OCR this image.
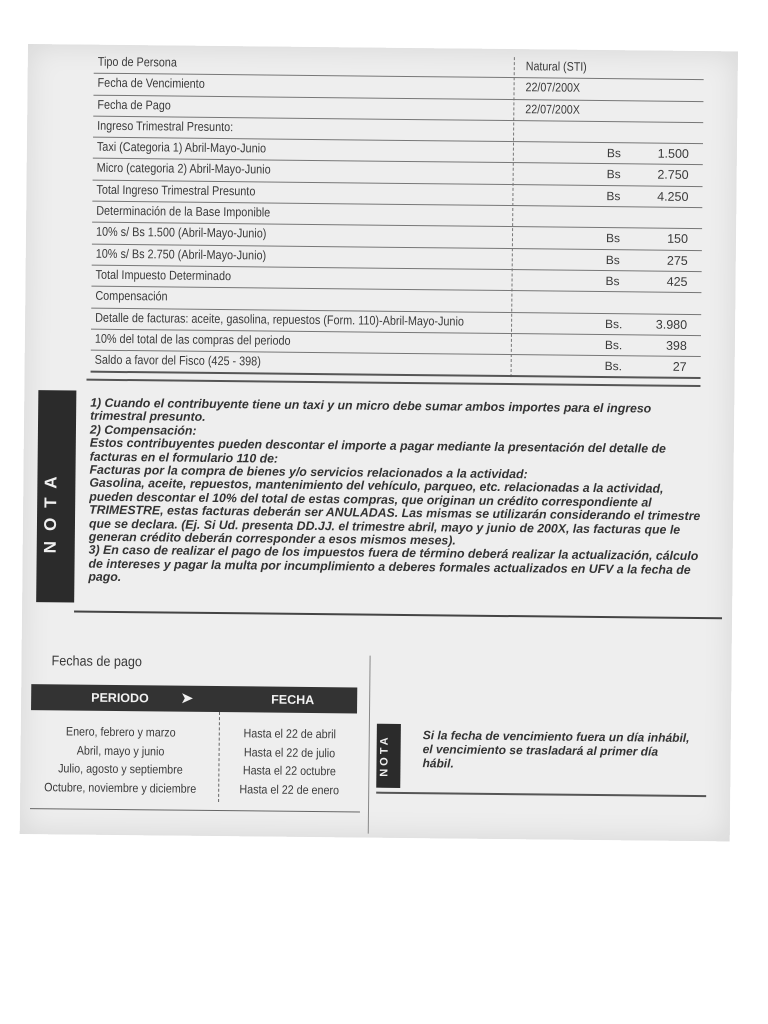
Tipo de Persona	Natural (STI)
Fecha de Vencimiento	22/07/200X
Fecha de Pago	22/07/200X
Ingreso Trimestral Presunto:
Taxi (Categoria 1) Abril-Mayo-Junio	Bs	1.500
Micro (categoria 2) Abril-Mayo-Junio	Bs	2.750
Total Ingreso Trimestral Presunto	Bs	4.250
Determinación de la Base Imponible
10% s/ Bs 1.500 (Abril-Mayo-Junio)	Bs	150
10% s/ Bs 2.750 (Abril-Mayo-Junio)	Bs	275
Total Impuesto Determinado	Bs	425
Compensación
Detalle de facturas: aceite, gasolina, repuestos (Form. 110)-Abril-Mayo-Junio	Bs.	3.980
10% del total de las compras del periodo	Bs.	398
Saldo a favor del Fisco (425 - 398)	Bs.	27
NOTA
1) Cuando el contribuyente tiene un taxi y un micro debe sumar ambos importes para el ingreso trimestral presunto.
2) Compensación:
Estos contribuyentes pueden descontar el importe a pagar mediante la presentación del detalle de facturas en el formulario 110 de:
Facturas por la compra de bienes y/o servicios relacionados a la actividad:
Gasolina, aceite, repuestos, mantenimiento del vehículo, parqueo, etc. relacionadas a la actividad, pueden descontar el 10% del total de estas compras, que originan un crédito correspondiente al TRIMESTRE, estas facturas deberán ser ANULADAS. Las mismas se utilizarán considerando el trimestre que se declara. (Ej. Si Ud. presenta DD.JJ. el trimestre abril, mayo y junio de 200X, las facturas que le generan crédito deberán corresponder a esos mismos meses).
3) En caso de realizar el pago de los impuestos fuera de término deberá realizar la actualización, cálculo de intereses y pagar la multa por incumplimiento a deberes formales actualizados en UFV a la fecha de pago.
Fechas de pago
PERIODO ➤	FECHA
Enero, febrero y marzo	Hasta el 22 de abril
Abril, mayo y junio	Hasta el 22 de julio
Julio, agosto y septiembre	Hasta el 22 octubre
Octubre, noviembre y diciembre	Hasta el 22 de enero
NOTA	Si la fecha de vencimiento fuera un día inhábil, el vencimiento se trasladará al primer día hábil.
